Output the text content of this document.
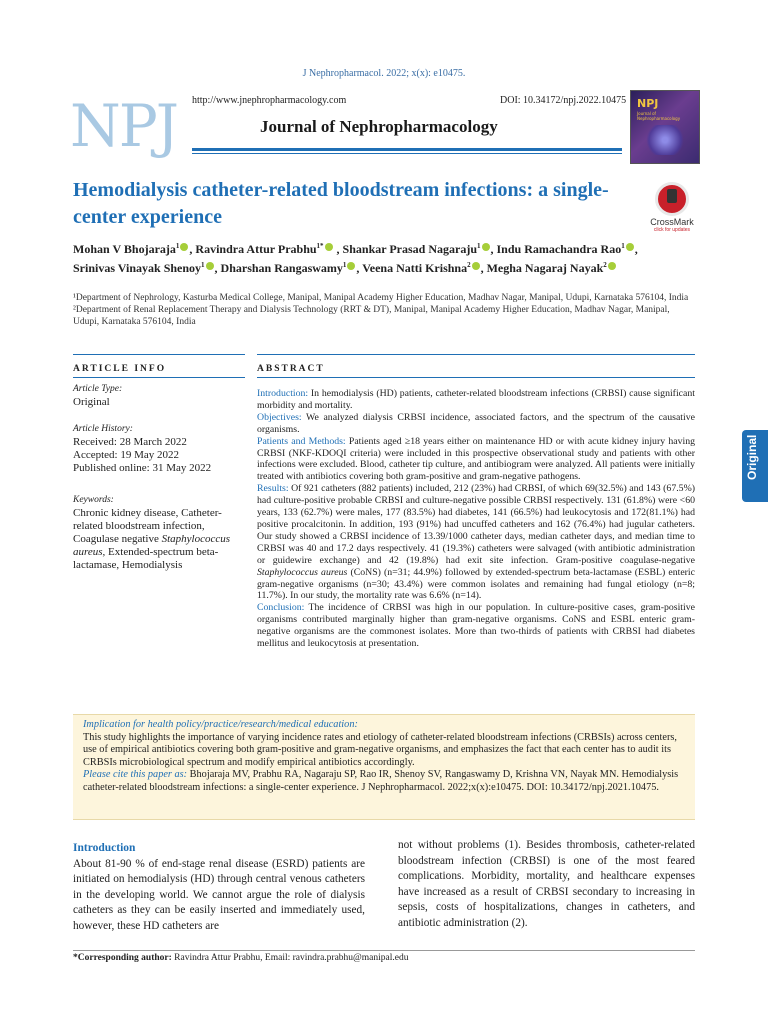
J Nephropharmacol. 2022; x(x): e10475.
NPJ	http://www.jnephropharmacology.com	DOI: 10.34172/npj.2022.10475
Journal of Nephropharmacology
NPJ
Journal of Nephropharmacology
Hemodialysis catheter-related bloodstream infections: a single-center experience	CrossMark
click for updates
Mohan V Bhojaraja$^1$ , Ravindra Attur Prabhu$^{1*}$ , Shankar Prasad Nagaraju$^1$ , Indu Ramachandra Rao$^1$ , Srinivas Vinayak Shenoy$^1$ , Dharshan Rangaswamy$^1$ , Veena Natti Krishna$^2$ , Megha Nagaraj Nayak$^2$
¹Department of Nephrology, Kasturba Medical College, Manipal, Manipal Academy Higher Education, Madhav Nagar, Manipal, Udupi, Karnataka 576104, India
²Department of Renal Replacement Therapy and Dialysis Technology (RRT & DT), Manipal, Manipal Academy Higher Education, Madhav Nagar, Manipal, Udupi, Karnataka 576104, India
ARTICLE INFO	ABSTRACT
Article Type:
Original
Article History:
Received: 28 March 2022
Accepted: 19 May 2022
Published online: 31 May 2022
Keywords:
Chronic kidney disease, Catheter-related bloodstream infection, Coagulase negative Staphylococcus aureus, Extended-spectrum beta-lactamase, Hemodialysis
Introduction: In hemodialysis (HD) patients, catheter-related bloodstream infections (CRBSI) cause significant morbidity and mortality.
Objectives: We analyzed dialysis CRBSI incidence, associated factors, and the spectrum of the causative organisms.
Patients and Methods: Patients aged ≥18 years either on maintenance HD or with acute kidney injury having CRBSI (NKF-KDOQI criteria) were included in this prospective observational study and patients with other infections were excluded. Blood, catheter tip culture, and antibiogram were analyzed. All patients were initially treated with antibiotics covering both gram-positive and gram-negative pathogens.
Results: Of 921 catheters (882 patients) included, 212 (23%) had CRBSI, of which 69(32.5%) and 143 (67.5%) had culture-positive probable CRBSI and culture-negative possible CRBSI respectively. 131 (61.8%) were <60 years, 133 (62.7%) were males, 177 (83.5%) had diabetes, 141 (66.5%) had leukocytosis and 172(81.1%) had positive procalcitonin. In addition, 193 (91%) had uncuffed catheters and 162 (76.4%) had jugular catheters. Our study showed a CRBSI incidence of 13.39/1000 catheter days, median catheter days, and median time to CRBSI was 40 and 17.2 days respectively. 41 (19.3%) catheters were salvaged (with antibiotic administration or guidewire exchange) and 42 (19.8%) had exit site infection. Gram-positive coagulase-negative Staphylococcus aureus (CoNS) (n=31; 44.9%) followed by extended-spectrum beta-lactamase (ESBL) enteric gram-negative organisms (n=30; 43.4%) were common isolates and remaining had fungal etiology (n=8; 11.7%). In our study, the mortality rate was 6.6% (n=14).
Conclusion: The incidence of CRBSI was high in our population. In culture-positive cases, gram-positive organisms contributed marginally higher than gram-negative organisms. CoNS and ESBL enteric gram-negative organisms are the commonest isolates. More than two-thirds of patients with CRBSI had diabetes mellitus and leukocytosis at presentation.
Implication for health policy/practice/research/medical education:
This study highlights the importance of varying incidence rates and etiology of catheter-related bloodstream infections (CRBSIs) across centers, use of empirical antibiotics covering both gram-positive and gram-negative organisms, and emphasizes the fact that each center has to audit its CRBSIs microbiological spectrum and modify empirical antibiotics accordingly.
Please cite this paper as: Bhojaraja MV, Prabhu RA, Nagaraju SP, Rao IR, Shenoy SV, Rangaswamy D, Krishna VN, Nayak MN. Hemodialysis catheter-related bloodstream infections: a single-center experience. J Nephropharmacol. 2022;x(x):e10475. DOI: 10.34172/npj.2021.10475.
Introduction
About 81-90 % of end-stage renal disease (ESRD) patients are initiated on hemodialysis (HD) through central venous catheters in the developing world. We cannot argue the role of dialysis catheters as they can be easily inserted and immediately used, however, these HD catheters are
not without problems (1). Besides thrombosis, catheter-related bloodstream infection (CRBSI) is one of the most feared complications. Morbidity, mortality, and healthcare expenses have increased as a result of CRBSI secondary to increasing in sepsis, costs of hospitalizations, changes in catheters, and antibiotic administration (2).
*Corresponding author: Ravindra Attur Prabhu, Email: ravindra.prabhu@manipal.edu
Original
